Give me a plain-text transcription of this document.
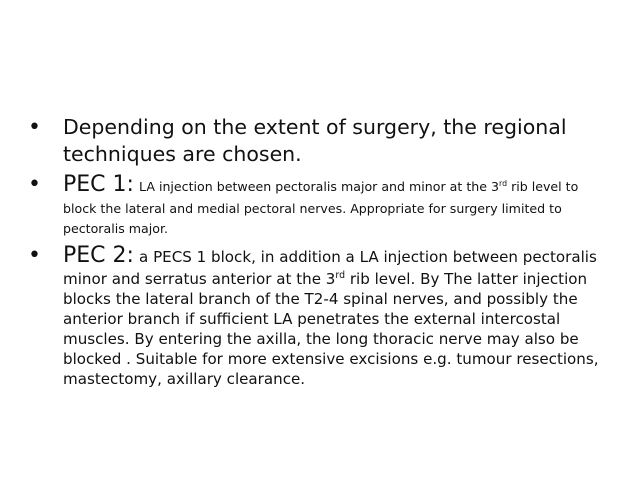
•	Depending on the extent of surgery, the regional techniques are chosen.
•	PEC 1: LA injection between pectoralis major and minor at the 3rd rib level to block the lateral and medial pectoral nerves. Appropriate for surgery limited to pectoralis major.
•	PEC 2: a PECS 1 block, in addition a LA injection between pectoralis minor and serratus anterior at the 3rd rib level. By The latter injection blocks the lateral branch of the T2-4 spinal nerves, and possibly the anterior branch if sufficient LA penetrates the external intercostal muscles. By entering the axilla, the long thoracic nerve may also be blocked . Suitable for more extensive excisions e.g. tumour resections, mastectomy, axillary clearance.
